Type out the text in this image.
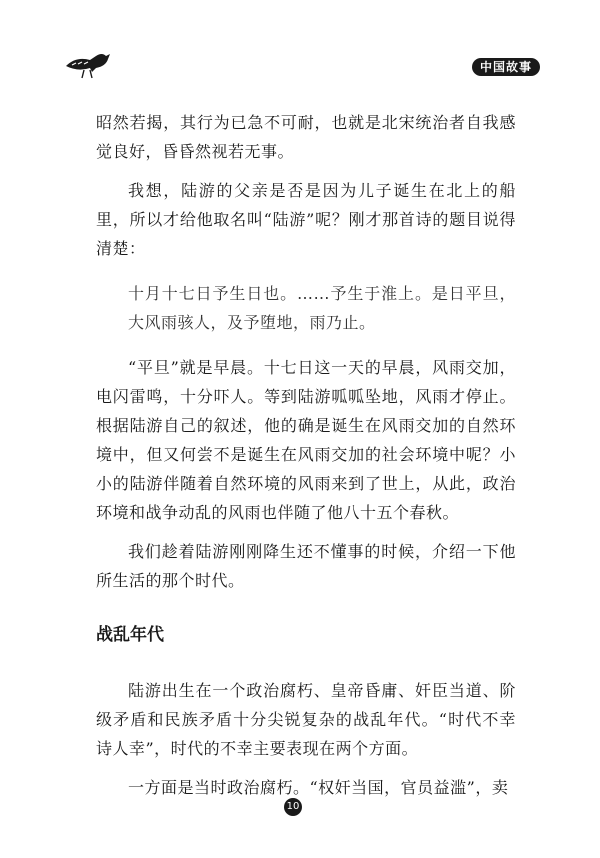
中国故事

昭然若揭，其行为已急不可耐，也就是北宋统治者自我感觉良好，昏昏然视若无事。

我想，陆游的父亲是否是因为儿子诞生在北上的船里，所以才给他取名叫“陆游”呢？刚才那首诗的题目说得清楚：

十月十七日予生日也。……予生于淮上。是日平旦，大风雨骇人，及予堕地，雨乃止。

“平旦”就是早晨。十七日这一天的早晨，风雨交加，电闪雷鸣，十分吓人。等到陆游呱呱坠地，风雨才停止。根据陆游自己的叙述，他的确是诞生在风雨交加的自然环境中，但又何尝不是诞生在风雨交加的社会环境中呢？小小的陆游伴随着自然环境的风雨来到了世上，从此，政治环境和战争动乱的风雨也伴随了他八十五个春秋。

我们趁着陆游刚刚降生还不懂事的时候，介绍一下他所生活的那个时代。

战乱年代

陆游出生在一个政治腐朽、皇帝昏庸、奸臣当道、阶级矛盾和民族矛盾十分尖锐复杂的战乱年代。“时代不幸诗人幸”，时代的不幸主要表现在两个方面。

一方面是当时政治腐朽。“权奸当国，官员益滥”，卖

10
